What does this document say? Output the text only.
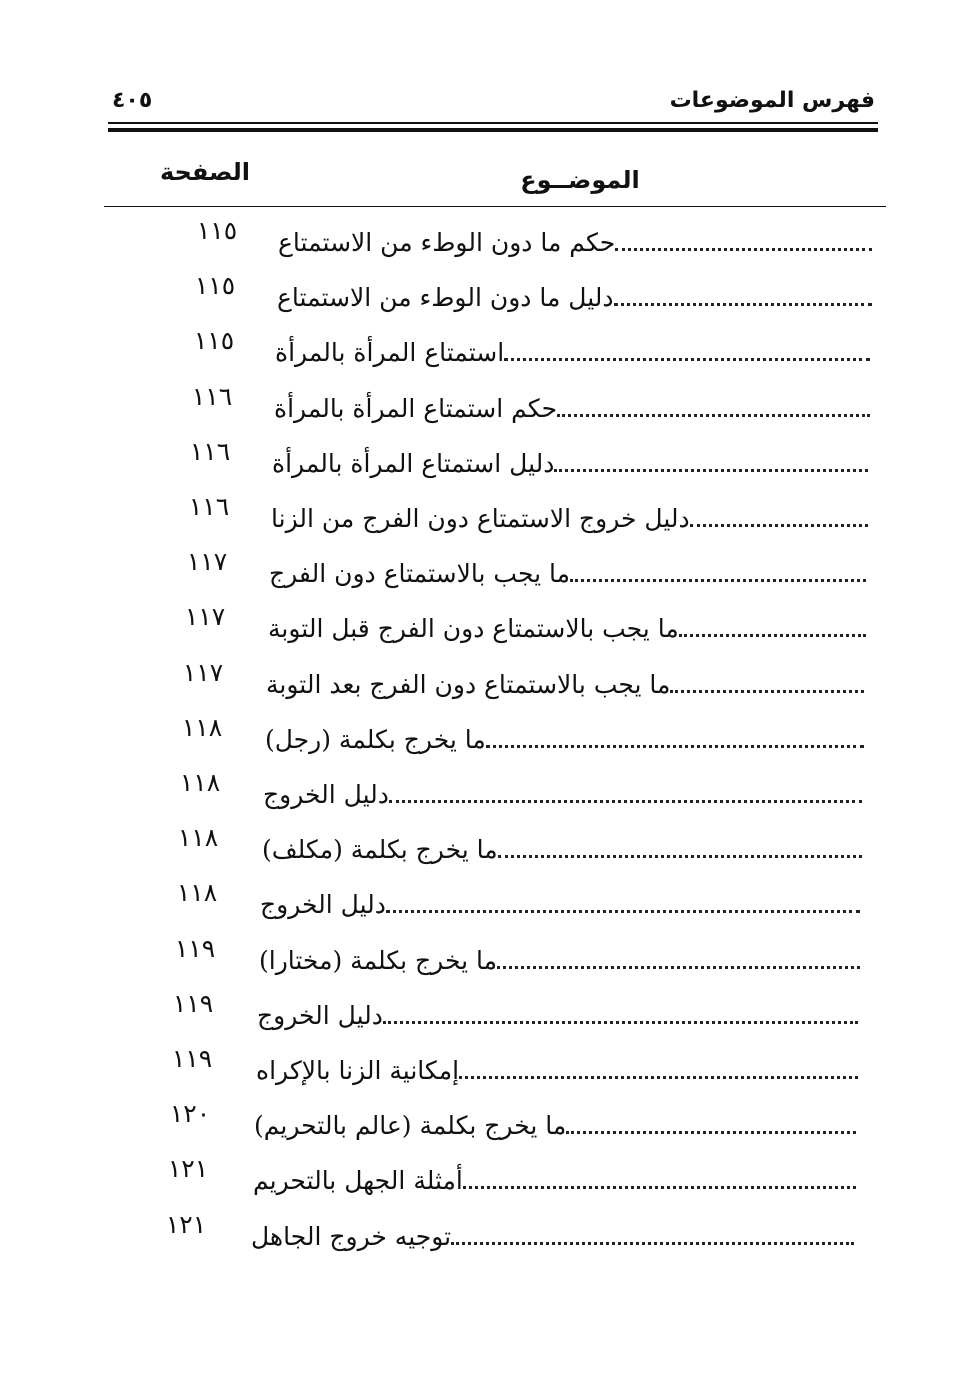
فهرس الموضوعات
٤٠٥
الموضــوع
الصفحة
١١٥	حكم ما دون الوطء من الاستمتاع
١١٥	دليل ما دون الوطء من الاستمتاع
١١٥	استمتاع المرأة بالمرأة
١١٦	حكم استمتاع المرأة بالمرأة
١١٦	دليل استمتاع المرأة بالمرأة
١١٦	دليل خروج الاستمتاع دون الفرج من الزنا
١١٧	ما يجب بالاستمتاع دون الفرج
١١٧	ما يجب بالاستمتاع دون الفرج قبل التوبة
١١٧	ما يجب بالاستمتاع دون الفرج بعد التوبة
١١٨	ما يخرج بكلمة (رجل)
١١٨	دليل الخروج
١١٨	ما يخرج بكلمة (مكلف)
١١٨	دليل الخروج
١١٩	ما يخرج بكلمة (مختارا)
١١٩	دليل الخروج
١١٩	إمكانية الزنا بالإكراه
١٢٠	ما يخرج بكلمة (عالم بالتحريم)
١٢١	أمثلة الجهل بالتحريم
١٢١	توجيه خروج الجاهل
